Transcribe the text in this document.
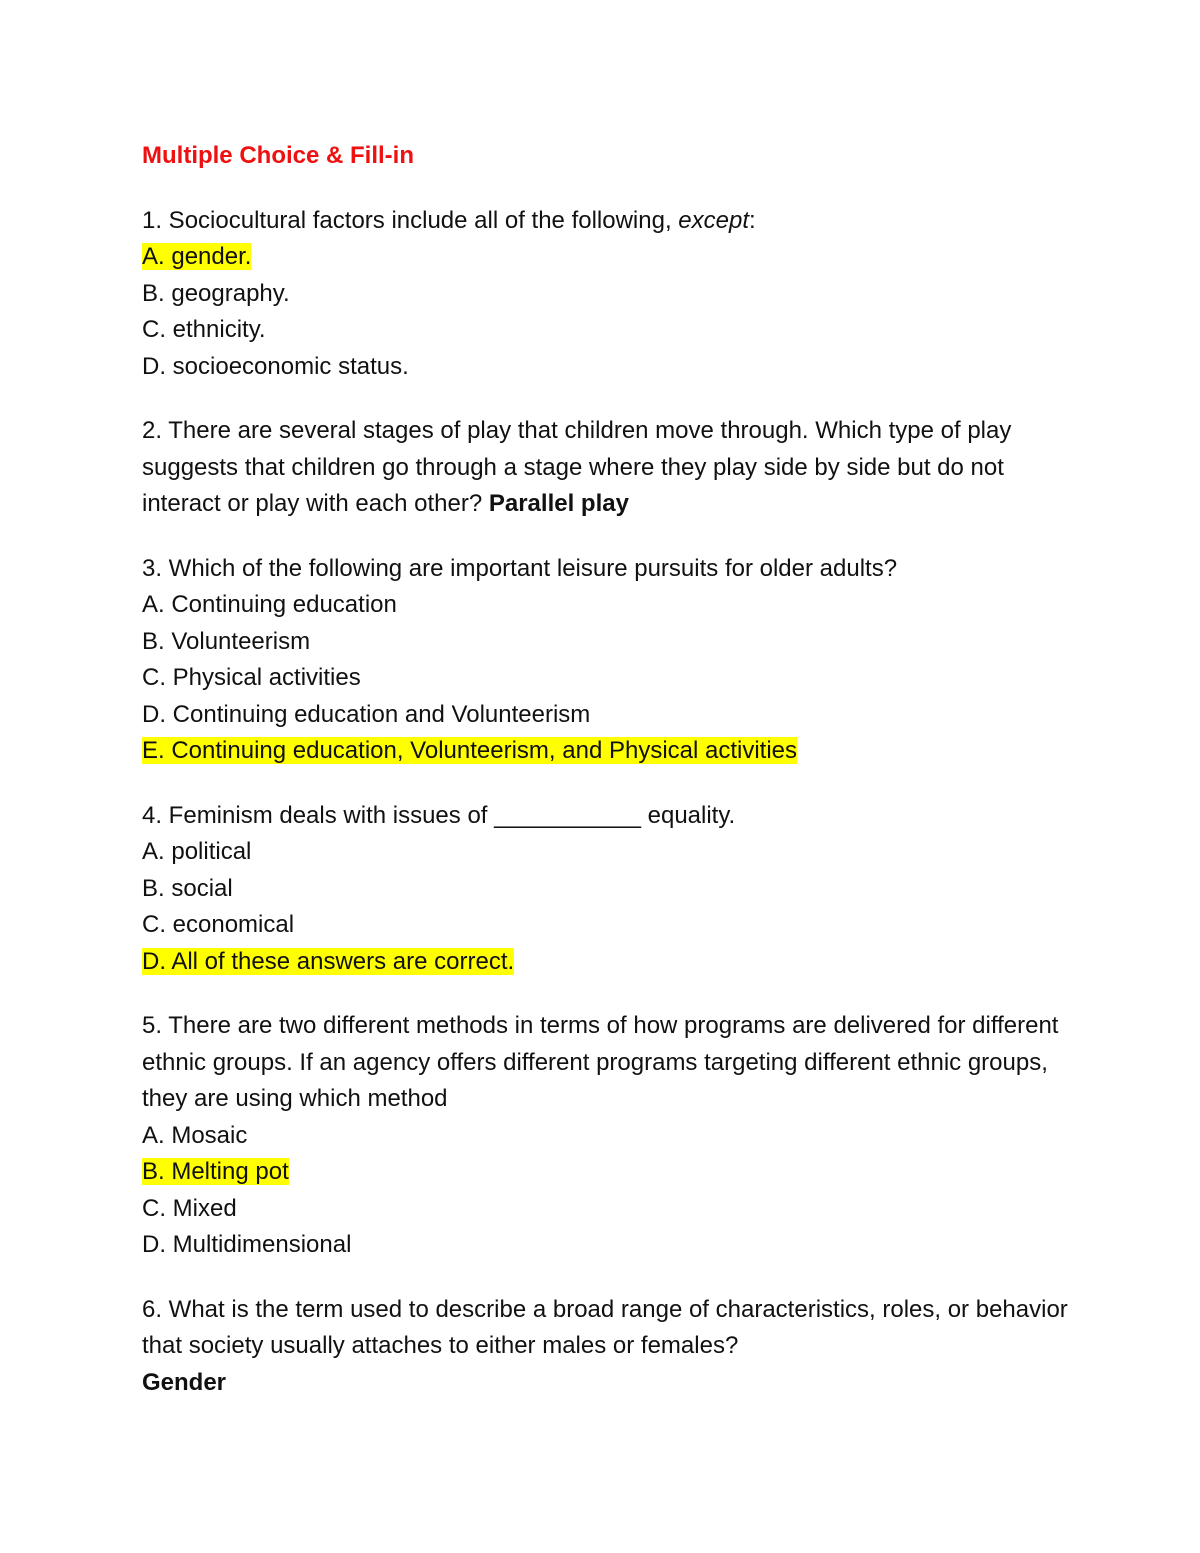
Multiple Choice & Fill-in
1. Sociocultural factors include all of the following, except:
A. gender.
B. geography.
C. ethnicity.
D. socioeconomic status.
2. There are several stages of play that children move through. Which type of play suggests that children go through a stage where they play side by side but do not interact or play with each other? Parallel play
3. Which of the following are important leisure pursuits for older adults?
A. Continuing education
B. Volunteerism
C. Physical activities
D. Continuing education and Volunteerism
E. Continuing education, Volunteerism, and Physical activities
4. Feminism deals with issues of ___________ equality.
A. political
B. social
C. economical
D. All of these answers are correct.
5. There are two different methods in terms of how programs are delivered for different ethnic groups. If an agency offers different programs targeting different ethnic groups, they are using which method
A. Mosaic
B. Melting pot
C. Mixed
D. Multidimensional
6. What is the term used to describe a broad range of characteristics, roles, or behavior that society usually attaches to either males or females?
Gender
